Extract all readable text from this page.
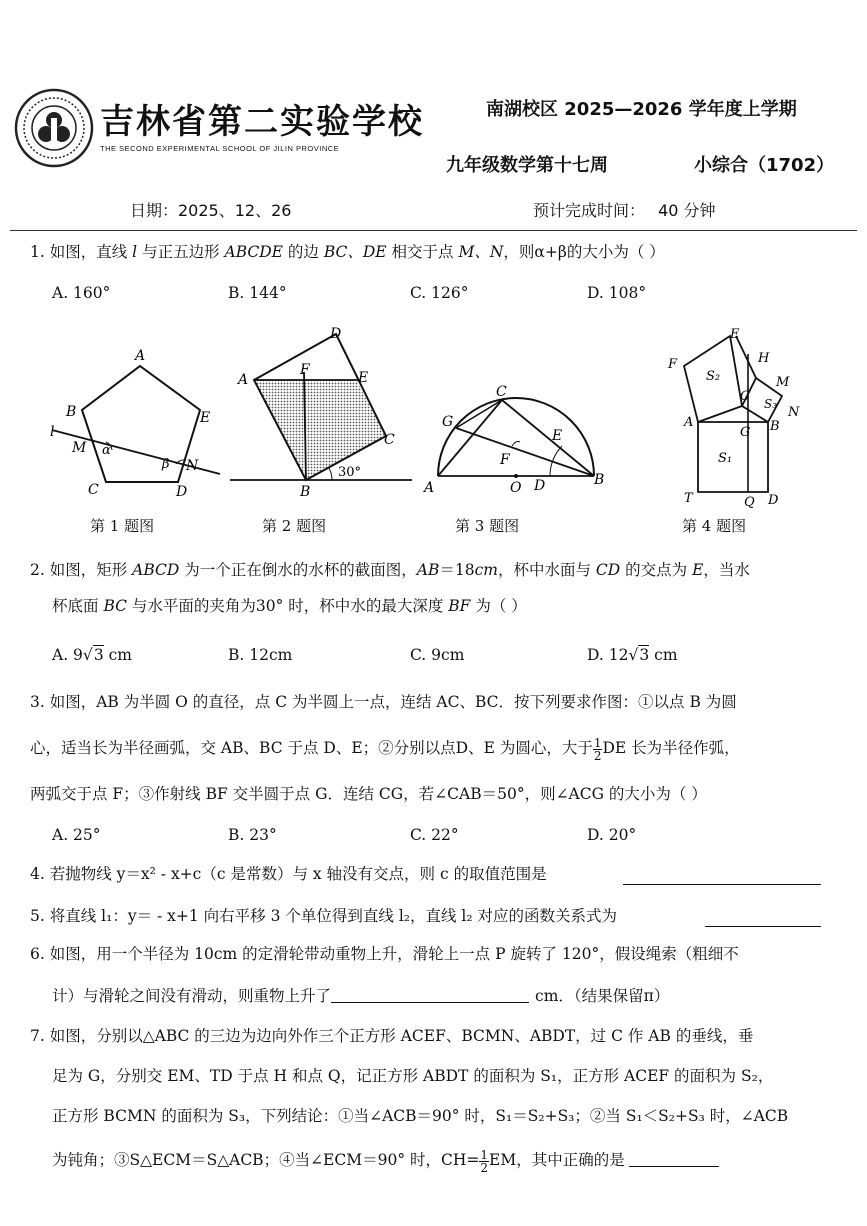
吉林省第二实验学校
THE SECOND EXPERIMENTAL SCHOOL OF JILIN PROVINCE
南湖校区 2025—2026 学年度上学期
九年级数学第十七周	小综合（1702）
日期：2025、12、26	预计完成时间： 40 分钟
1. 如图，直线 l 与正五边形 ABCDE 的边 BC、DE 相交于点 M、N，则α+β的大小为（ ）
A. 160°	B. 144°	C. 126°	D. 108°
A
B	E
l
M α
β N
C	D
D
A
F	E
C
B
30°
C
G
E
F
A	O D	B
E
F	H
S₂	M
C S₃
N
A
G B
S₁
T	Q D
第 1 题图	第 2 题图	第 3 题图	第 4 题图
2. 如图，矩形 ABCD 为一个正在倒水的水杯的截面图，AB＝18cm，杯中水面与 CD 的交点为 E，当水
杯底面 BC 与水平面的夹角为30° 时，杯中水的最大深度 BF 为（ ）
A. 9√3 cm	B. 12cm	C. 9cm	D. 12√3 cm
3. 如图，AB 为半圆 O 的直径，点 C 为半圆上一点，连结 AC、BC．按下列要求作图：①以点 B 为圆
心，适当长为半径画弧，交 AB、BC 于点 D、E；②分别以点D、E 为圆心，大于 $\frac{1}{2}$ DE 长为半径作弧，
两弧交于点 F；③作射线 BF 交半圆于点 G．连结 CG，若∠CAB＝50°，则∠ACG 的大小为（ ）
A. 25°	B. 23°	C. 22°	D. 20°
4. 若抛物线 y＝x² - x+c（c 是常数）与 x 轴没有交点，则 c 的取值范围是
5. 将直线 l₁：y＝ - x+1 向右平移 3 个单位得到直线 l₂，直线 l₂ 对应的函数关系式为
6. 如图，用一个半径为 10cm 的定滑轮带动重物上升，滑轮上一点 P 旋转了 120°，假设绳索（粗细不
计）与滑轮之间没有滑动，则重物上升了	cm．（结果保留π）
7. 如图，分别以△ABC 的三边为边向外作三个正方形 ACEF、BCMN、ABDT，过 C 作 AB 的垂线，垂
足为 G，分别交 EM、TD 于点 H 和点 Q，记正方形 ABDT 的面积为 S₁，正方形 ACEF 的面积为 S₂，
正方形 BCMN 的面积为 S₃，下列结论：①当∠ACB＝90° 时，S₁＝S₂+S₃；②当 S₁＜S₂+S₃ 时，∠ACB
为钝角；③S△ECM＝S△ACB；④当∠ECM＝90° 时，$CH= \frac{1}{2}$ EM，其中正确的是
